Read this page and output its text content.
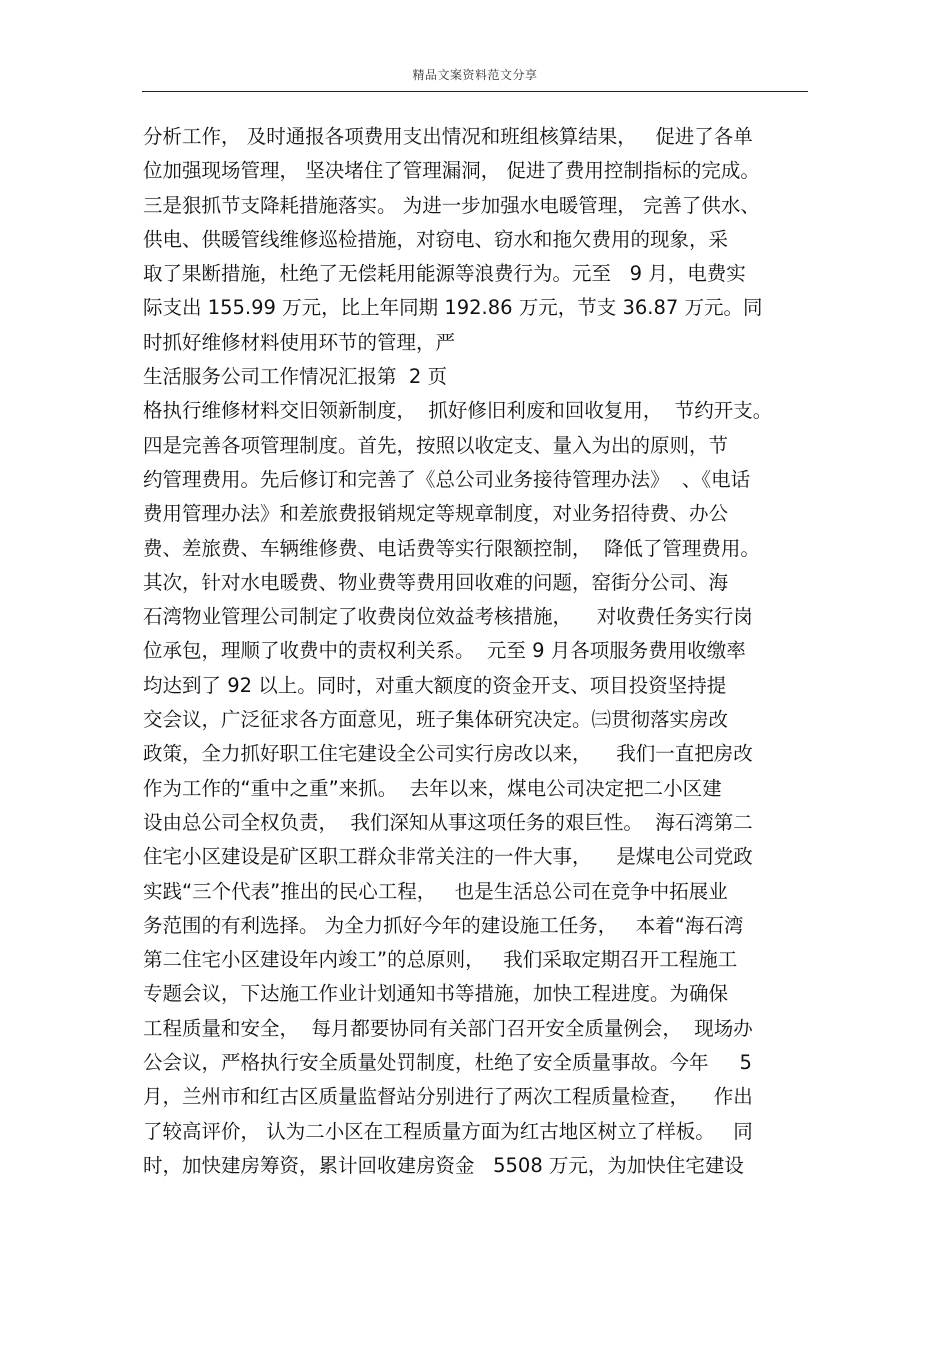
精品文案资料范文分享
分析工作， 及时通报各项费用支出情况和班组核算结果，   促进了各单
位加强现场管理， 坚决堵住了管理漏洞， 促进了费用控制指标的完成。
三是狠抓节支降耗措施落实。 为进一步加强水电暖管理， 完善了供水、
供电、供暖管线维修巡检措施，对窃电、窃水和拖欠费用的现象，采
取了果断措施，杜绝了无偿耗用能源等浪费行为。元至   9 月，电费实
际支出 155.99 万元，比上年同期 192.86 万元，节支 36.87 万元。同
时抓好维修材料使用环节的管理，严
生活服务公司工作情况汇报第  2 页
格执行维修材料交旧领新制度，  抓好修旧利废和回收复用，  节约开支。
四是完善各项管理制度。首先，按照以收定支、量入为出的原则，节
约管理费用。先后修订和完善了《总公司业务接待管理办法》  、《电话
费用管理办法》和差旅费报销规定等规章制度，对业务招待费、办公
费、差旅费、车辆维修费、电话费等实行限额控制，  降低了管理费用。
其次，针对水电暖费、物业费等费用回收难的问题，窑街分公司、海
石湾物业管理公司制定了收费岗位效益考核措施，    对收费任务实行岗
位承包，理顺了收费中的责权利关系。  元至 9 月各项服务费用收缴率
均达到了 92 以上。同时，对重大额度的资金开支、项目投资坚持提
交会议，广泛征求各方面意见，班子集体研究决定。㈢贯彻落实房改
政策，全力抓好职工住宅建设全公司实行房改以来，    我们一直把房改
作为工作的“重中之重”来抓。  去年以来，煤电公司决定把二小区建
设由总公司全权负责，  我们深知从事这项任务的艰巨性。  海石湾第二
住宅小区建设是矿区职工群众非常关注的一件大事，    是煤电公司党政
实践“三个代表”推出的民心工程，   也是生活总公司在竞争中拓展业
务范围的有利选择。 为全力抓好今年的建设施工任务，   本着“海石湾
第二住宅小区建设年内竣工”的总原则，   我们采取定期召开工程施工
专题会议，下达施工作业计划通知书等措施，加快工程进度。为确保
工程质量和安全，  每月都要协同有关部门召开安全质量例会，  现场办
公会议，严格执行安全质量处罚制度，杜绝了安全质量事故。今年     5
月，兰州市和红古区质量监督站分别进行了两次工程质量检查，    作出
了较高评价， 认为二小区在工程质量方面为红古地区树立了样板。   同
时，加快建房筹资，累计回收建房资金   5508 万元，为加快住宅建设
